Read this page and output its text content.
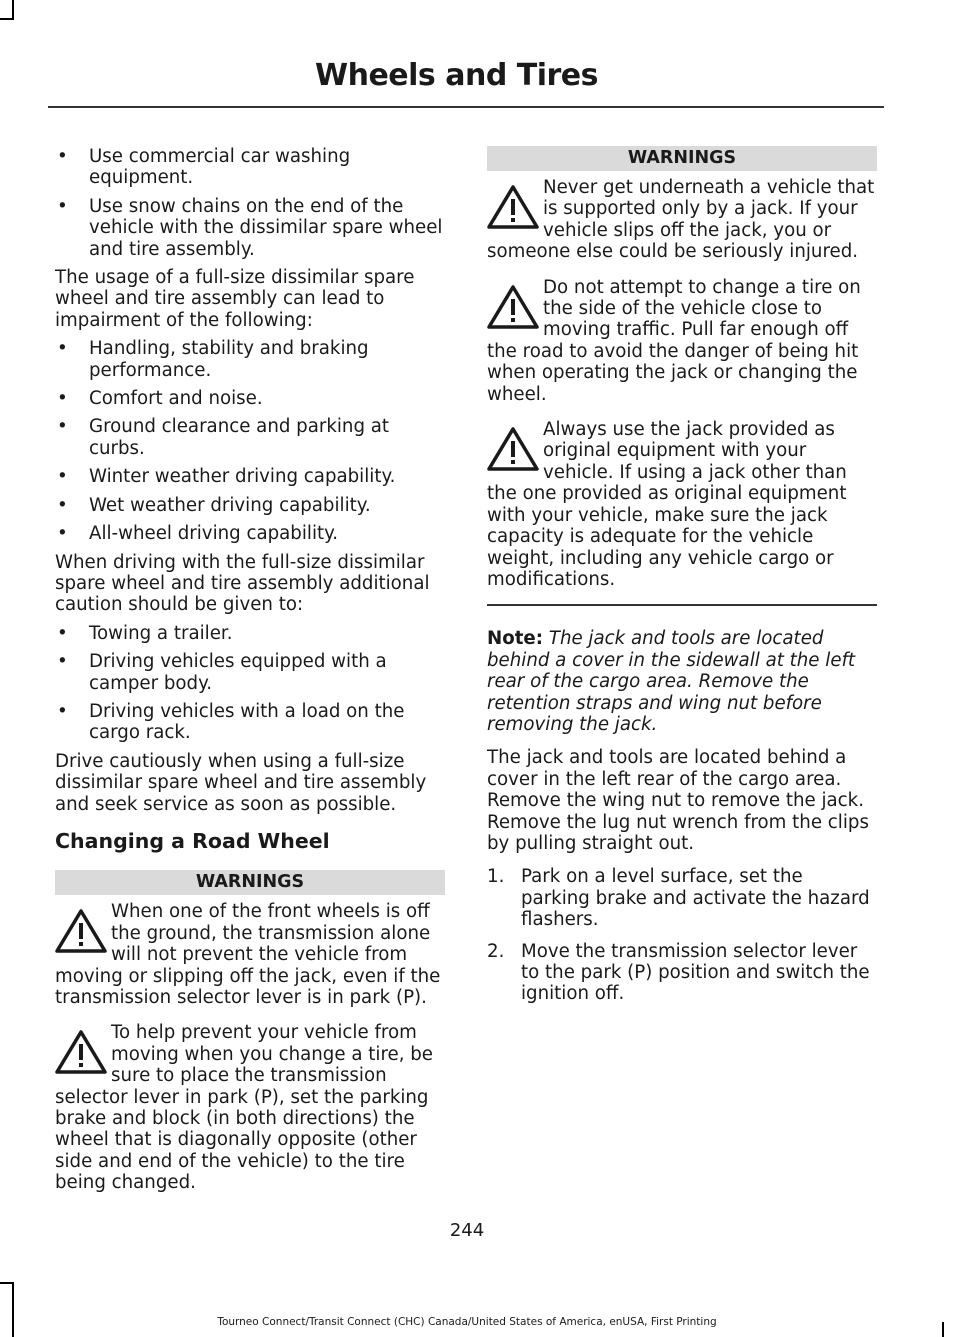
Wheels and Tires
• Use commercial car washing equipment.
• Use snow chains on the end of the vehicle with the dissimilar spare wheel and tire assembly.

The usage of a full-size dissimilar spare wheel and tire assembly can lead to impairment of the following:

• Handling, stability and braking performance.
• Comfort and noise.
• Ground clearance and parking at curbs.
• Winter weather driving capability.
• Wet weather driving capability.
• All-wheel driving capability.

When driving with the full-size dissimilar spare wheel and tire assembly additional caution should be given to:

• Towing a trailer.
• Driving vehicles equipped with a camper body.
• Driving vehicles with a load on the cargo rack.

Drive cautiously when using a full-size dissimilar spare wheel and tire assembly and seek service as soon as possible.

Changing a Road Wheel
WARNINGS
When one of the front wheels is off the ground, the transmission alone will not prevent the vehicle from moving or slipping off the jack, even if the transmission selector lever is in park (P).
To help prevent your vehicle from moving when you change a tire, be sure to place the transmission selector lever in park (P), set the parking brake and block (in both directions) the wheel that is diagonally opposite (other side and end of the vehicle) to the tire being changed.
WARNINGS
Never get underneath a vehicle that is supported only by a jack. If your vehicle slips off the jack, you or someone else could be seriously injured.
Do not attempt to change a tire on the side of the vehicle close to moving traffic. Pull far enough off the road to avoid the danger of being hit when operating the jack or changing the wheel.
Always use the jack provided as original equipment with your vehicle. If using a jack other than the one provided as original equipment with your vehicle, make sure the jack capacity is adequate for the vehicle weight, including any vehicle cargo or modifications.

Note: The jack and tools are located behind a cover in the sidewall at the left rear of the cargo area. Remove the retention straps and wing nut before removing the jack.

The jack and tools are located behind a cover in the left rear of the cargo area. Remove the wing nut to remove the jack. Remove the lug nut wrench from the clips by pulling straight out.

1. Park on a level surface, set the parking brake and activate the hazard flashers.
2. Move the transmission selector lever to the park (P) position and switch the ignition off.
244
Tourneo Connect/Transit Connect (CHC) Canada/United States of America, enUSA, First Printing
